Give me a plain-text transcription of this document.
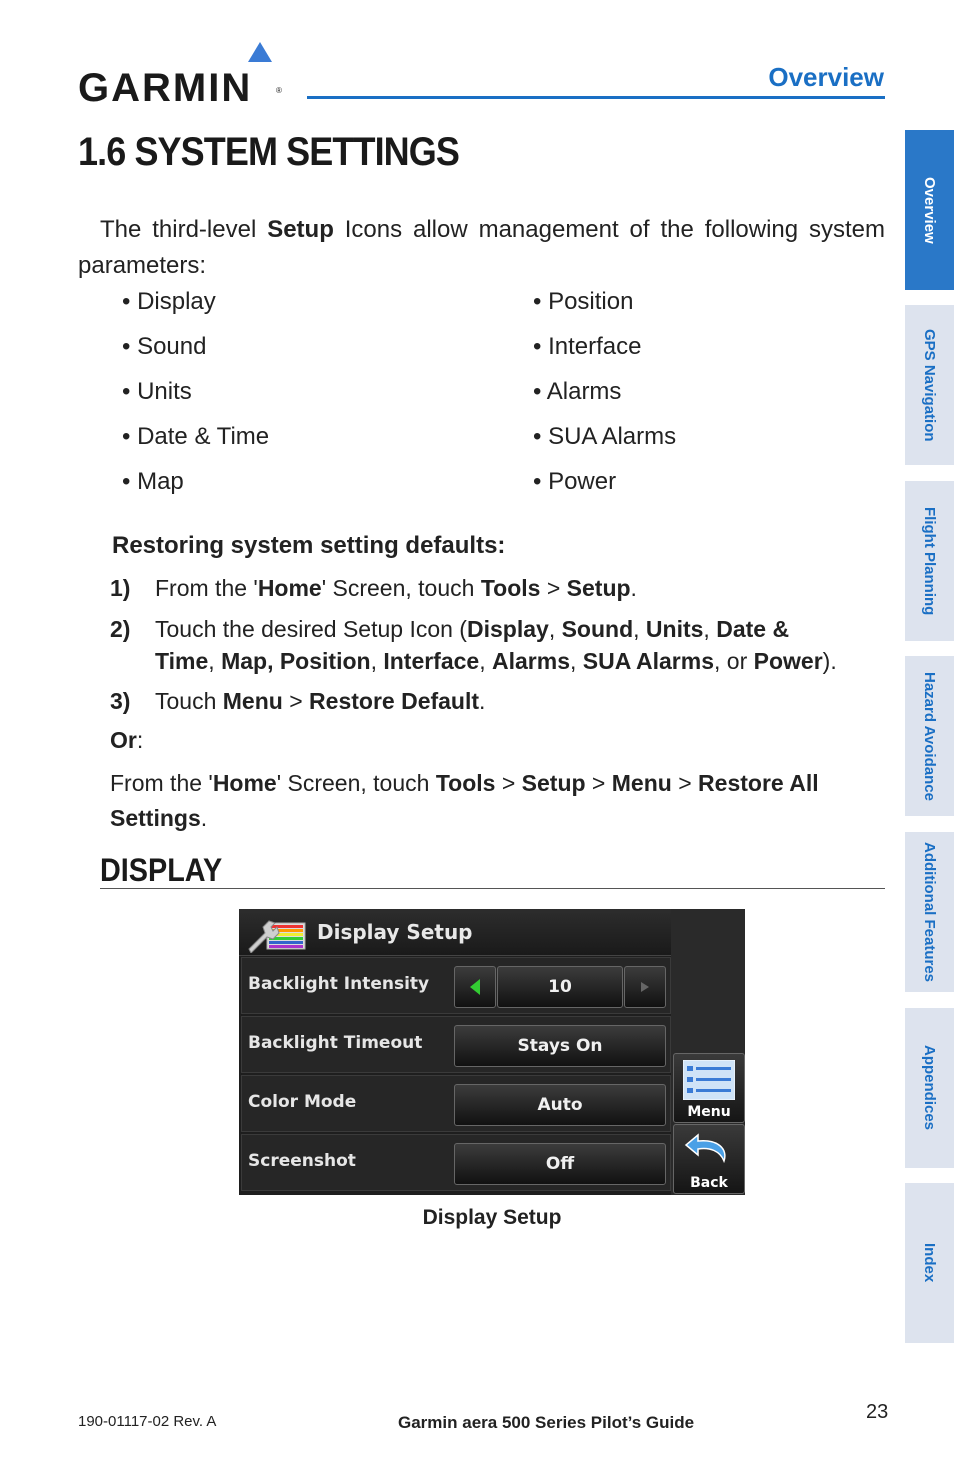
GARMIN	®	Overview
1.6 SYSTEM SETTINGS
The third-level Setup Icons allow management of the following system parameters:
• Display
• Sound
• Units
• Date & Time
• Map
• Position
• Interface
• Alarms
• SUA Alarms
• Power
Restoring system setting defaults:
1) From the 'Home' Screen, touch Tools > Setup.
2) Touch the desired Setup Icon (Display, Sound, Units, Date & Time, Map, Position, Interface, Alarms, SUA Alarms, or Power).
3) Touch Menu > Restore Default.
Or:
From the 'Home' Screen, touch Tools > Setup > Menu > Restore All Settings.
DISPLAY
Display Setup
Backlight Intensity	10
Backlight Timeout	Stays On
Color Mode	Auto
Screenshot	Off
Menu
Back
Display Setup
Overview
GPS Navigation
Flight Planning
Hazard Avoidance
Additional Features
Appendices
Index
190-01117-02 Rev. A	Garmin aera 500 Series Pilot’s Guide	23
